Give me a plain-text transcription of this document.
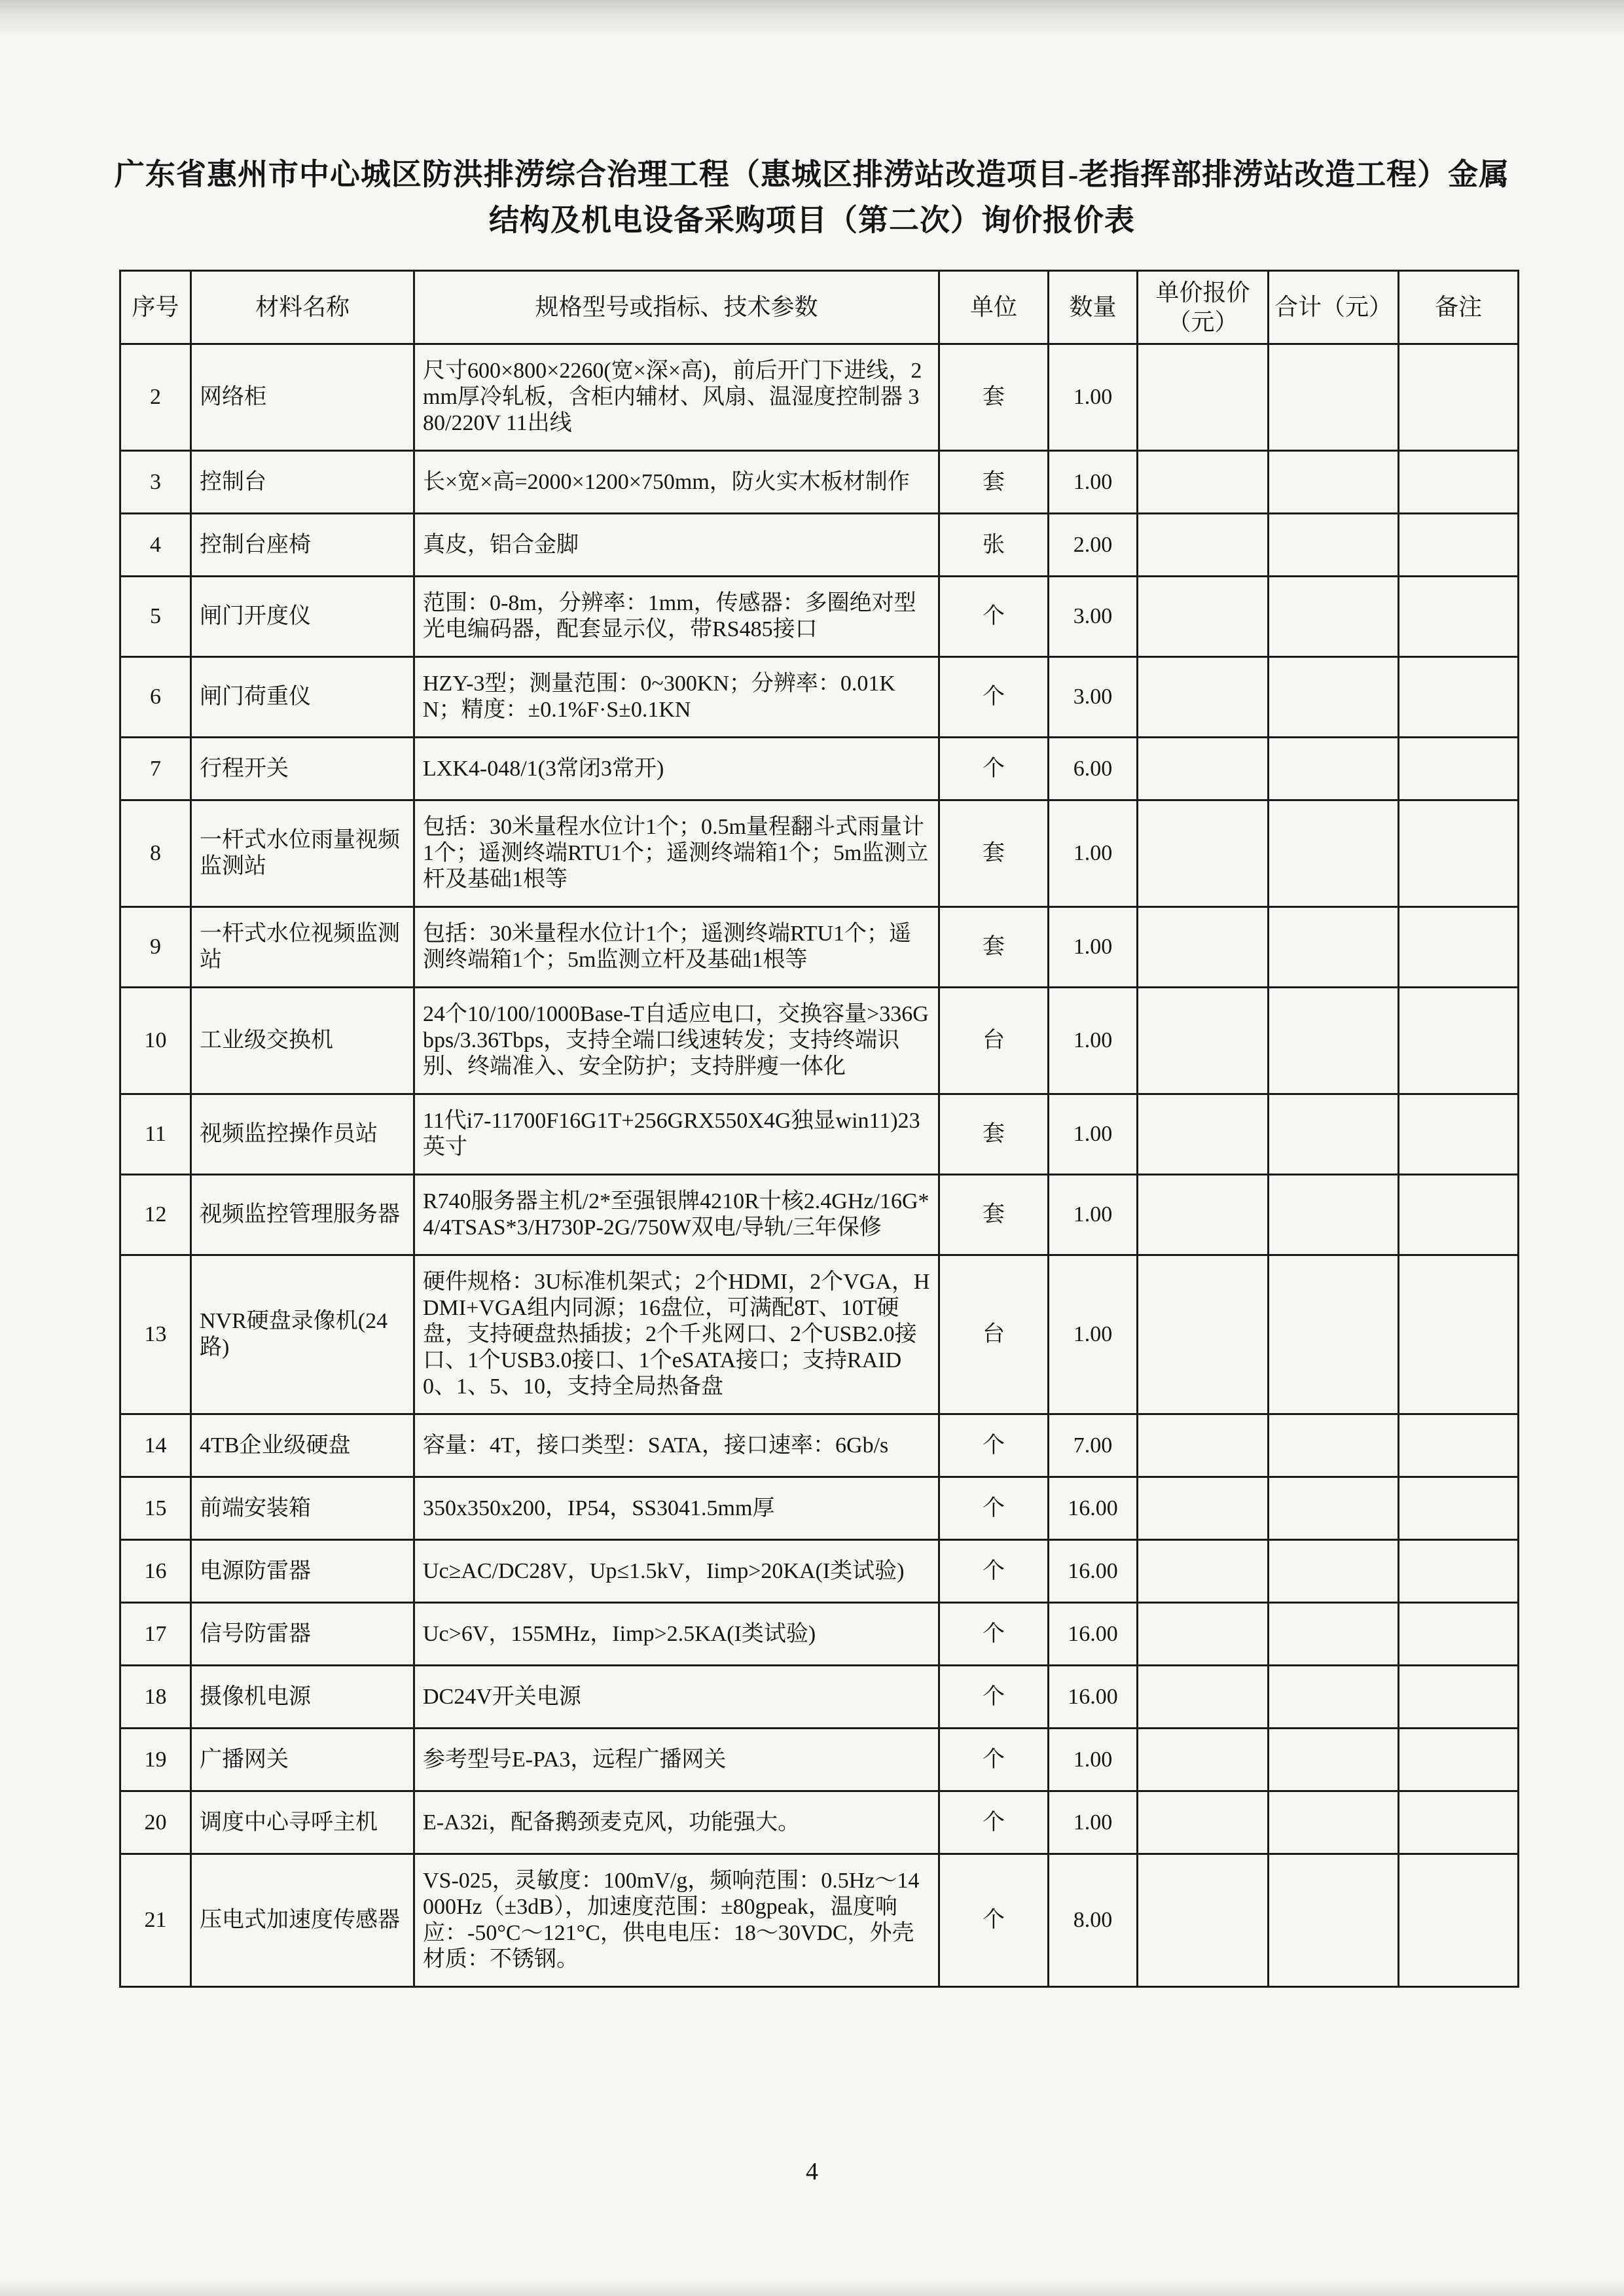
广东省惠州市中心城区防洪排涝综合治理工程（惠城区排涝站改造项目-老指挥部排涝站改造工程）金属结构及机电设备采购项目（第二次）询价报价表
序号	材料名称	规格型号或指标、技术参数	单位	数量	单价报价（元）	合计（元）	备注
2	网络柜	尺寸600×800×2260(宽×深×高)，前后开门下进线，2mm厚冷轧板，含柜内辅材、风扇、温湿度控制器 380/220V 11出线	套	1.00			
3	控制台	长×宽×高=2000×1200×750mm，防火实木板材制作	套	1.00			
4	控制台座椅	真皮，铝合金脚	张	2.00			
5	闸门开度仪	范围：0-8m，分辨率：1mm，传感器：多圈绝对型光电编码器，配套显示仪，带RS485接口	个	3.00			
6	闸门荷重仪	HZY-3型；测量范围：0~300KN；分辨率：0.01KN；精度：±0.1%F·S±0.1KN	个	3.00			
7	行程开关	LXK4-048/1(3常闭3常开)	个	6.00			
8	一杆式水位雨量视频监测站	包括：30米量程水位计1个；0.5m量程翻斗式雨量计1个；遥测终端RTU1个；遥测终端箱1个；5m监测立杆及基础1根等	套	1.00			
9	一杆式水位视频监测站	包括：30米量程水位计1个；遥测终端RTU1个；遥测终端箱1个；5m监测立杆及基础1根等	套	1.00			
10	工业级交换机	24个10/100/1000Base-T自适应电口，交换容量>336Gbps/3.36Tbps，支持全端口线速转发；支持终端识别、终端准入、安全防护；支持胖瘦一体化	台	1.00			
11	视频监控操作员站	11代i7-11700F16G1T+256GRX550X4G独显win11)23英寸	套	1.00			
12	视频监控管理服务器	R740服务器主机/2*至强银牌4210R十核2.4GHz/16G*4/4TSAS*3/H730P-2G/750W双电/导轨/三年保修	套	1.00			
13	NVR硬盘录像机(24路)	硬件规格：3U标准机架式；2个HDMI，2个VGA，HDMI+VGA组内同源；16盘位，可满配8T、10T硬盘，支持硬盘热插拔；2个千兆网口、2个USB2.0接口、1个USB3.0接口、1个eSATA接口；支持RAID0、1、5、10，支持全局热备盘	台	1.00			
14	4TB企业级硬盘	容量：4T，接口类型：SATA，接口速率：6Gb/s	个	7.00			
15	前端安装箱	350x350x200，IP54，SS3041.5mm厚	个	16.00			
16	电源防雷器	Uc≥AC/DC28V，Up≤1.5kV，Iimp>20KA(I类试验)	个	16.00			
17	信号防雷器	Uc>6V，155MHz，Iimp>2.5KA(I类试验)	个	16.00			
18	摄像机电源	DC24V开关电源	个	16.00			
19	广播网关	参考型号E-PA3，远程广播网关	个	1.00			
20	调度中心寻呼主机	E-A32i，配备鹅颈麦克风，功能强大。	个	1.00			
21	压电式加速度传感器	VS-025，灵敏度：100mV/g，频响范围：0.5Hz～14000Hz（±3dB），加速度范围：±80gpeak，温度响应：-50°C～121°C，供电电压：18～30VDC，外壳材质：不锈钢。	个	8.00			
4
